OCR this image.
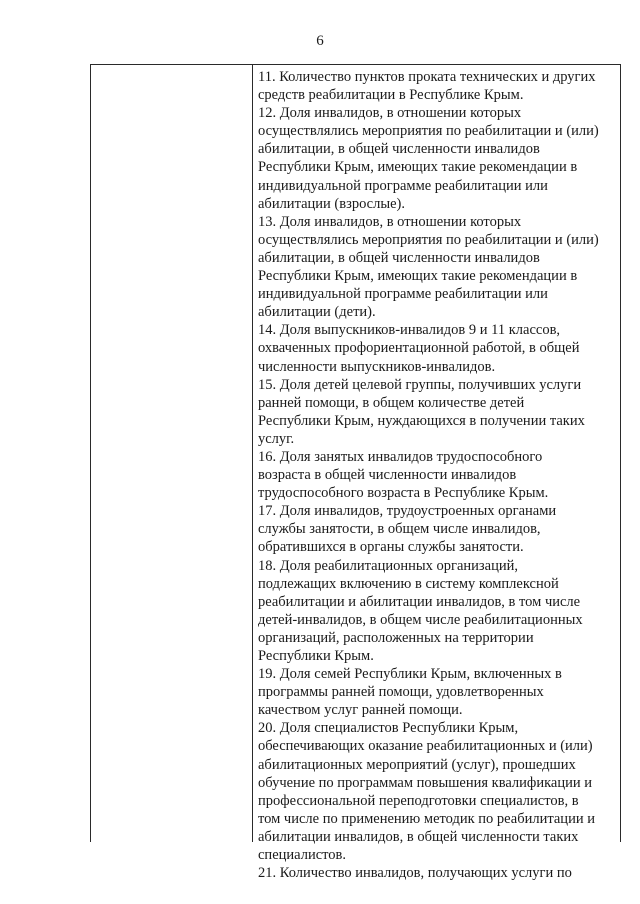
6
11. Количество пунктов проката технических и других
средств реабилитации в Республике Крым.
12. Доля инвалидов, в отношении которых
осуществлялись мероприятия по реабилитации и (или)
абилитации, в общей численности инвалидов
Республики Крым, имеющих такие рекомендации в
индивидуальной программе реабилитации или
абилитации (взрослые).
13. Доля инвалидов, в отношении которых
осуществлялись мероприятия по реабилитации и (или)
абилитации, в общей численности инвалидов
Республики Крым, имеющих такие рекомендации в
индивидуальной программе реабилитации или
абилитации (дети).
14. Доля выпускников-инвалидов 9 и 11 классов,
охваченных профориентационной работой, в общей
численности выпускников-инвалидов.
15. Доля детей целевой группы, получивших услуги
ранней помощи, в общем количестве детей
Республики Крым, нуждающихся в получении таких
услуг.
16. Доля занятых инвалидов трудоспособного
возраста в общей численности инвалидов
трудоспособного возраста в Республике Крым.
17. Доля инвалидов, трудоустроенных органами
службы занятости, в общем числе инвалидов,
обратившихся в органы службы занятости.
18. Доля реабилитационных организаций,
подлежащих включению в систему комплексной
реабилитации и абилитации инвалидов, в том числе
детей-инвалидов, в общем числе реабилитационных
организаций, расположенных на территории
Республики Крым.
19. Доля семей Республики Крым, включенных в
программы ранней помощи, удовлетворенных
качеством услуг ранней помощи.
20. Доля специалистов Республики Крым,
обеспечивающих оказание реабилитационных и (или)
абилитационных мероприятий (услуг), прошедших
обучение по программам повышения квалификации и
профессиональной переподготовки специалистов, в
том числе по применению методик по реабилитации и
абилитации инвалидов, в общей численности таких
специалистов.
21. Количество инвалидов, получающих услуги по
